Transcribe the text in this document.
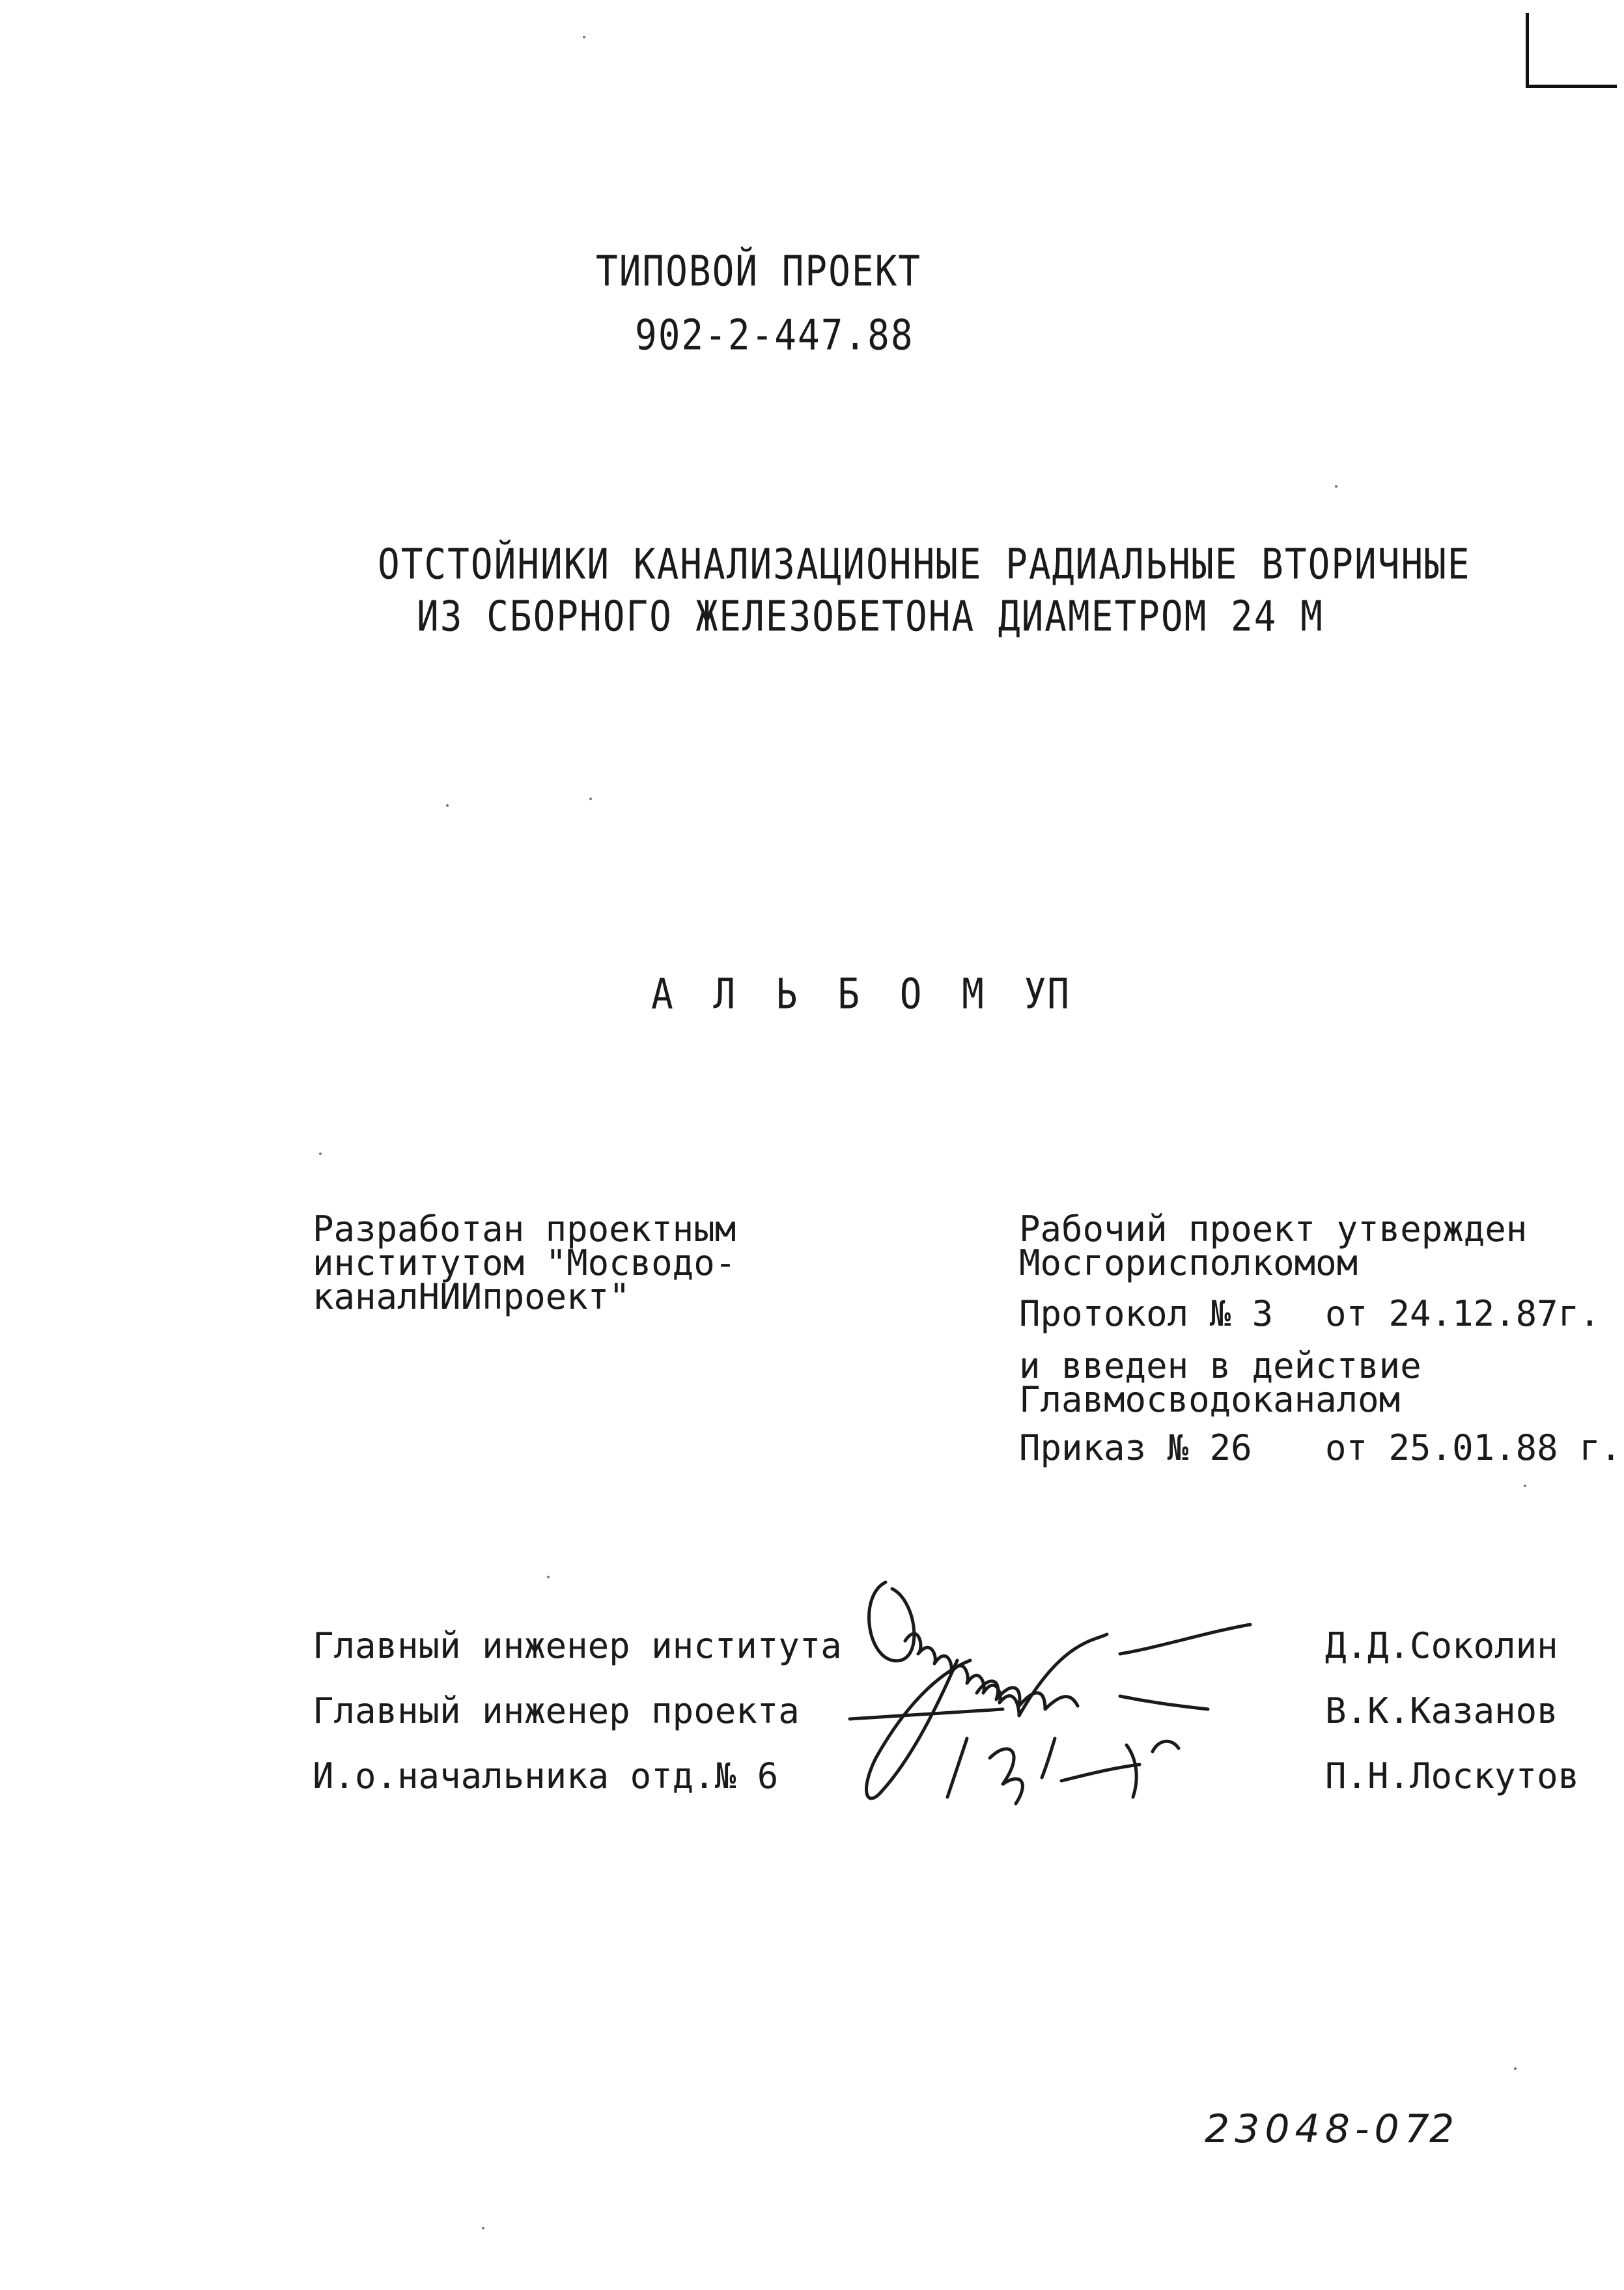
ТИПОВОЙ ПРОЕКТ
902-2-447.88
ОТСТОЙНИКИ КАНАЛИЗАЦИОННЫЕ РАДИАЛЬНЫЕ ВТОРИЧНЫЕ
ИЗ СБОРНОГО ЖЕЛЕЗОБЕТОНА ДИАМЕТРОМ 24 М
А Л Ь Б О М УП
Разработан проектным
институтом "Мосводо-
каналНИИпроект"
Рабочий проект утвержден
Мосгорисполкомом
Протокол № 3 от 24.12.87г.
и введен в действие
Главмосводоканалом
Приказ № 26 от 25.01.88 г.
Главный инженер института	Д.Д.Соколин
Главный инженер проекта	В.К.Казанов
И.о.начальника отд.№ 6	П.Н.Лоскутов
23048-07
2
